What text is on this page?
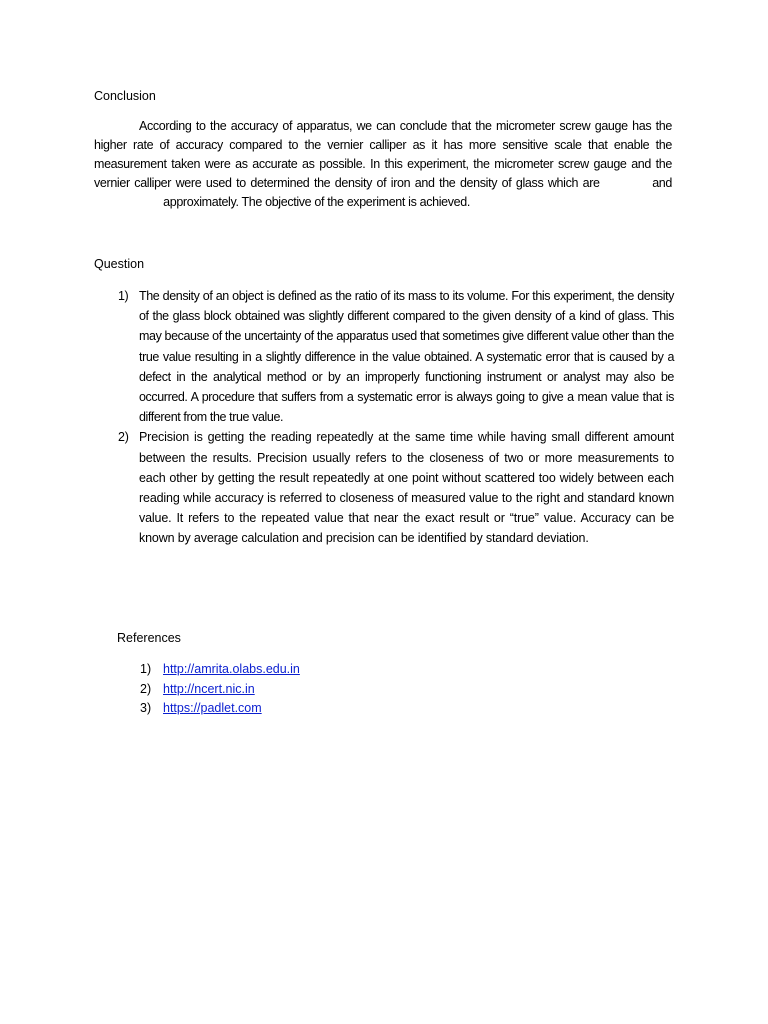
Conclusion

According to the accuracy of apparatus, we can conclude that the micrometer screw gauge has the higher rate of accuracy compared to the vernier calliper as it has more sensitive scale that enable the measurement taken were as accurate as possible. In this experiment, the micrometer screw gauge and the vernier calliper were used to determined the density of iron and the density of glass which are	and approximately. The objective of the experiment is achieved.

Question
1) The density of an object is defined as the ratio of its mass to its volume. For this experiment, the density of the glass block obtained was slightly different compared to the given density of a kind of glass. This may because of the uncertainty of the apparatus used that sometimes give different value other than the true value resulting in a slightly difference in the value obtained. A systematic error that is caused by a defect in the analytical method or by an improperly functioning instrument or analyst may also be occurred. A procedure that suffers from a systematic error is always going to give a mean value that is different from the true value.
2) Precision is getting the reading repeatedly at the same time while having small different amount between the results. Precision usually refers to the closeness of two or more measurements to each other by getting the result repeatedly at one point without scattered too widely between each reading while accuracy is referred to closeness of measured value to the right and standard known value. It refers to the repeated value that near the exact result or “true” value. Accuracy can be known by average calculation and precision can be identified by standard deviation.
References
1) http://amrita.olabs.edu.in
2) http://ncert.nic.in
3) https://padlet.com
